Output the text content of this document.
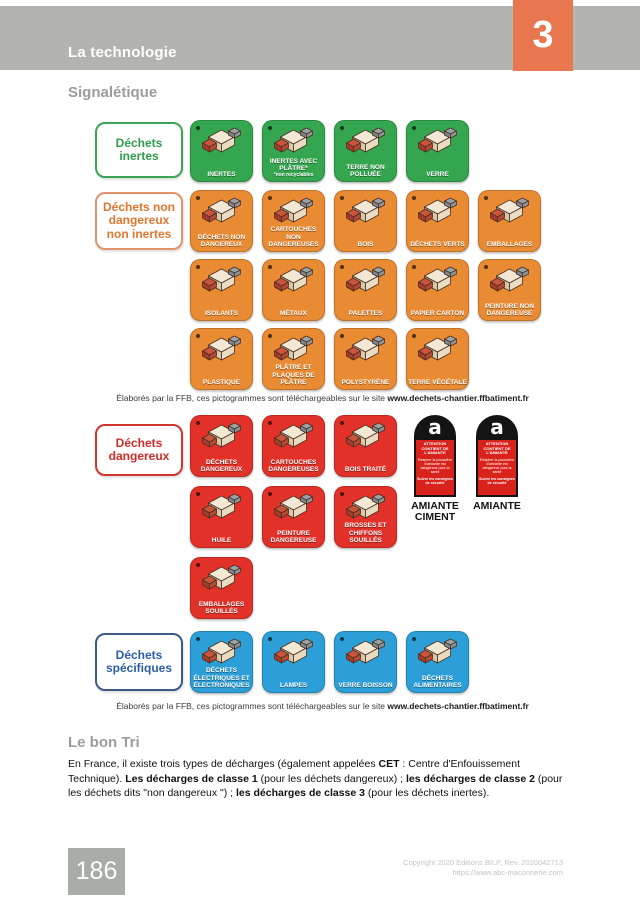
La technologie	3
Signalétique
Déchets inertes
Déchets non dangereux non inertes
Déchets dangereux
Déchets spécifiques
INERTES
INERTES AVEC PLÂTRE*
*non recyclables
TERRE NON POLLUÉE	VERRE
DÉCHETS NON DANGEREUX
CARTOUCHES NON DANGEREUSES	BOIS	DÉCHETS VERTS	EMBALLAGES
ISOLANTS	MÉTAUX	PALETTES	PAPIER CARTON
PEINTURE NON DANGEREUSE
PLASTIQUE
PLÂTRE ET PLAQUES DE PLÂTRE	POLYSTYRÈNE	TERRE VÉGÉTALE
Élaborés par la FFB, ces pictogrammes sont téléchargeables sur le site www.dechets-chantier.ffbatiment.fr
DÉCHETS DANGEREUX
CARTOUCHES DANGEREUSES	BOIS TRAITÉ
a
ATTENTION CONTIENT DE L'AMIANTE
Respirer la poussière d'amiante est dangereux pour la santé
Suivre les consignes de sécurité
AMIANTE CIMENT
a
ATTENTION CONTIENT DE L'AMIANTE
Respirer la poussière d'amiante est dangereux pour la santé
Suivre les consignes de sécurité
AMIANTE
HUILE
PEINTURE DANGEREUSE
BROSSES ET CHIFFONS SOUILLÉS
EMBALLAGES SOUILLÉS
DÉCHETS ÉLECTRIQUES ET ÉLECTRONIQUES	LAMPES	VERRE BOISSON
DÉCHETS ALIMENTAIRES
Élaborés par la FFB, ces pictogrammes sont téléchargeables sur le site www.dechets-chantier.ffbatiment.fr
Le bon Tri

En France, il existe trois types de décharges (également appelées CET : Centre d'Enfouissement Technique). Les décharges de classe 1 (pour les déchets dangereux) ; les décharges de classe 2 (pour les déchets dits "non dangereux ") ; les décharges de classe 3 (pour les déchets inertes).

186	Copyright 2020 Editions BILP, Rev. 2020042713
https://www.abc-maconnerie.com
